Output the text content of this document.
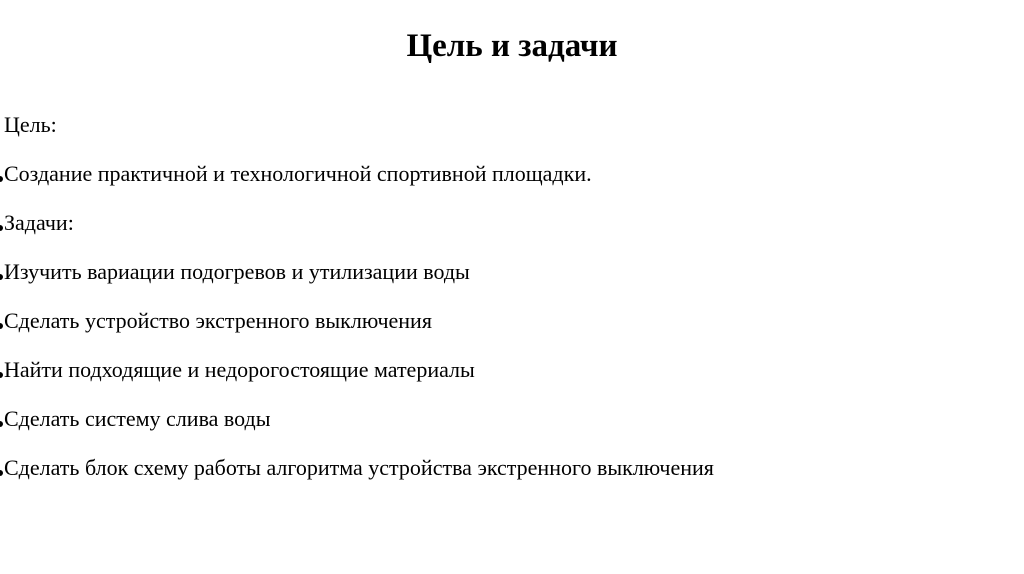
Цель и задачи
Цель:
Создание практичной и технологичной спортивной площадки.
Задачи:
Изучить вариации подогревов и утилизации воды
Сделать устройство экстренного выключения
Найти подходящие и недорогостоящие материалы
Сделать систему слива воды
Сделать блок схему работы алгоритма устройства экстренного выключения
